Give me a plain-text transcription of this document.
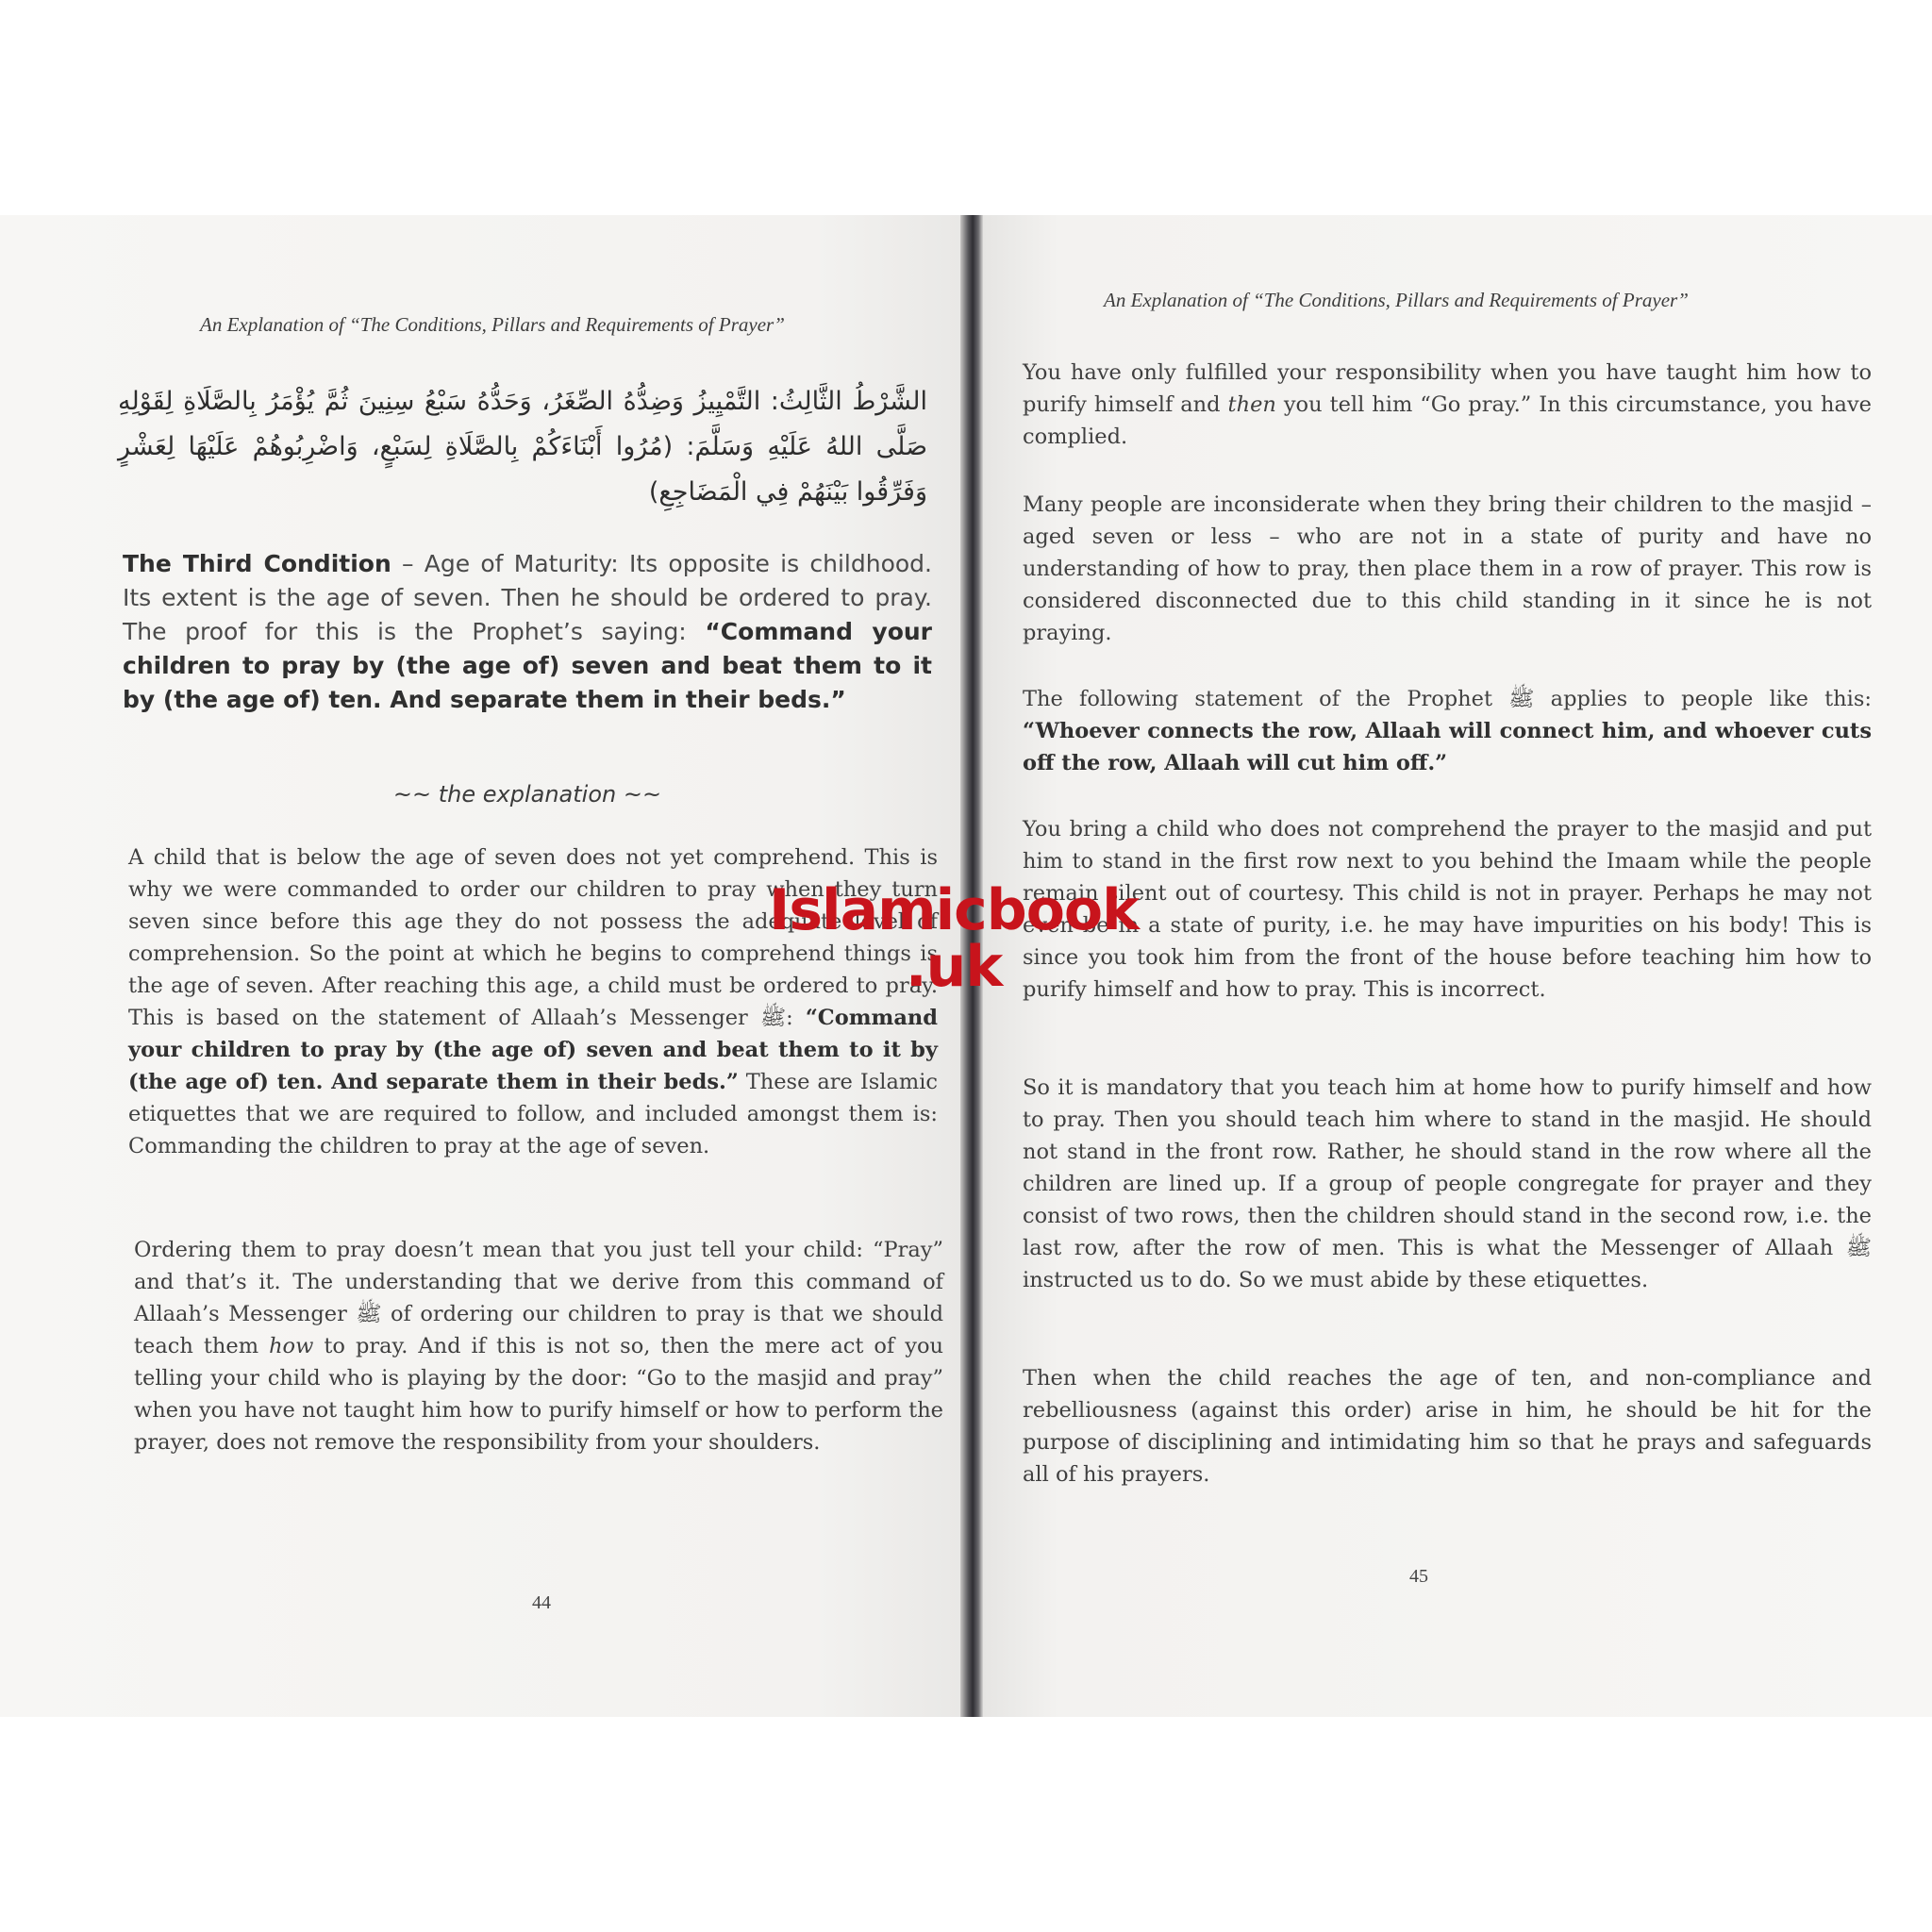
An Explanation of “The Conditions, Pillars and Requirements of Prayer”
الشَّرْطُ الثَّالِثُ: التَّمْيِيزُ وَضِدُّهُ الصِّغَرُ، وَحَدُّهُ سَبْعُ سِنِينَ ثُمَّ يُؤْمَرُ بِالصَّلَاةِ لِقَوْلِهِ صَلَّى اللهُ عَلَيْهِ وَسَلَّمَ: (مُرُوا أَبْنَاءَكُمْ بِالصَّلَاةِ لِسَبْعٍ، وَاضْرِبُوهُمْ عَلَيْهَا لِعَشْرٍ وَفَرِّقُوا بَيْنَهُمْ فِي الْمَضَاجِعِ)
The Third Condition – Age of Maturity: Its opposite is childhood. Its extent is the age of seven. Then he should be ordered to pray. The proof for this is the Prophet’s saying: “Command your children to pray by (the age of) seven and beat them to it by (the age of) ten. And separate them in their beds.”
~~ the explanation ~~
A child that is below the age of seven does not yet comprehend. This is why we were commanded to order our children to pray when they turn seven since before this age they do not possess the adequate level of comprehension. So the point at which he begins to comprehend things is the age of seven. After reaching this age, a child must be ordered to pray. This is based on the statement of Allaah’s Messenger ﷺ: “Command your children to pray by (the age of) seven and beat them to it by (the age of) ten. And separate them in their beds.” These are Islamic etiquettes that we are required to follow, and included amongst them is: Commanding the children to pray at the age of seven.
Ordering them to pray doesn’t mean that you just tell your child: “Pray” and that’s it. The understanding that we derive from this command of Allaah’s Messenger ﷺ of ordering our children to pray is that we should teach them how to pray. And if this is not so, then the mere act of you telling your child who is playing by the door: “Go to the masjid and pray” when you have not taught him how to purify himself or how to perform the prayer, does not remove the responsibility from your shoulders.
44
An Explanation of “The Conditions, Pillars and Requirements of Prayer”
You have only fulfilled your responsibility when you have taught him how to purify himself and then you tell him “Go pray.” In this circumstance, you have complied.
Many people are inconsiderate when they bring their children to the masjid – aged seven or less – who are not in a state of purity and have no understanding of how to pray, then place them in a row of prayer. This row is considered disconnected due to this child standing in it since he is not praying.
The following statement of the Prophet ﷺ applies to people like this: “Whoever connects the row, Allaah will connect him, and whoever cuts off the row, Allaah will cut him off.”
You bring a child who does not comprehend the prayer to the masjid and put him to stand in the first row next to you behind the Imaam while the people remain silent out of courtesy. This child is not in prayer. Perhaps he may not even be in a state of purity, i.e. he may have impurities on his body! This is since you took him from the front of the house before teaching him how to purify himself and how to pray. This is incorrect.
So it is mandatory that you teach him at home how to purify himself and how to pray. Then you should teach him where to stand in the masjid. He should not stand in the front row. Rather, he should stand in the row where all the children are lined up. If a group of people congregate for prayer and they consist of two rows, then the children should stand in the second row, i.e. the last row, after the row of men. This is what the Messenger of Allaah ﷺ instructed us to do. So we must abide by these etiquettes.
Then when the child reaches the age of ten, and non-compliance and rebelliousness (against this order) arise in him, he should be hit for the purpose of disciplining and intimidating him so that he prays and safeguards all of his prayers.
45
Islamicbook
.uk
